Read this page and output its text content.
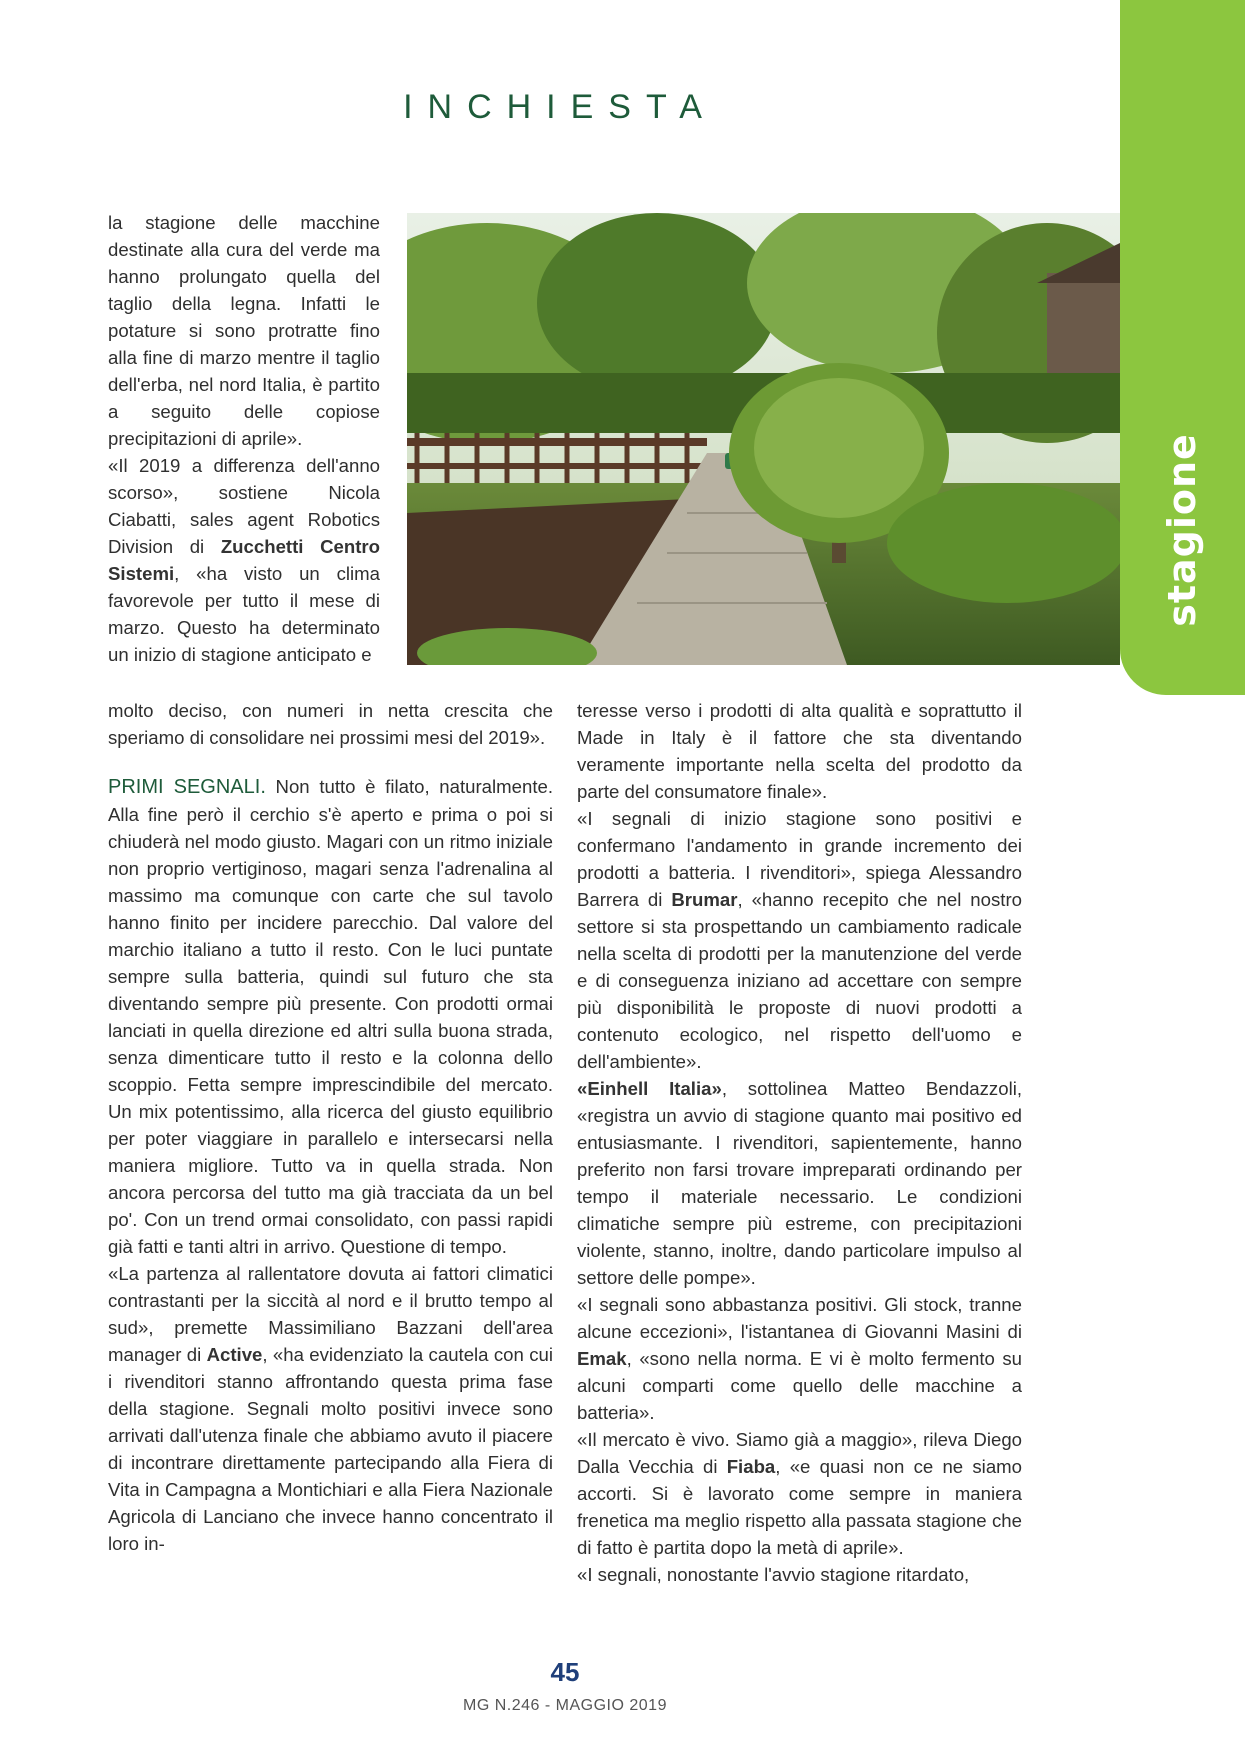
INCHIESTA
stagione

la stagione delle macchine destinate alla cura del verde ma hanno prolungato quella del taglio della legna. Infatti le potature si sono protratte fino alla fine di marzo mentre il taglio dell'erba, nel nord Italia, è partito a seguito delle copiose precipitazioni di aprile».

«Il 2019 a differenza dell'anno scorso», sostiene Nicola Ciabatti, sales agent Robotics Division di Zucchetti Centro Sistemi, «ha visto un clima favorevole per tutto il mese di marzo. Questo ha determinato un inizio di stagione anticipato e

molto deciso, con numeri in netta crescita che speriamo di consolidare nei prossimi mesi del 2019».

PRIMI SEGNALI. Non tutto è filato, naturalmente. Alla fine però il cerchio s'è aperto e prima o poi si chiuderà nel modo giusto. Magari con un ritmo iniziale non proprio vertiginoso, magari senza l'adrenalina al massimo ma comunque con carte che sul tavolo hanno finito per incidere parecchio. Dal valore del marchio italiano a tutto il resto. Con le luci puntate sempre sulla batteria, quindi sul futuro che sta diventando sempre più presente. Con prodotti ormai lanciati in quella direzione ed altri sulla buona strada, senza dimenticare tutto il resto e la colonna dello scoppio. Fetta sempre imprescindibile del mercato. Un mix potentissimo, alla ricerca del giusto equilibrio per poter viaggiare in parallelo e intersecarsi nella maniera migliore. Tutto va in quella strada. Non ancora percorsa del tutto ma già tracciata da un bel po'. Con un trend ormai consolidato, con passi rapidi già fatti e tanti altri in arrivo. Questione di tempo.

«La partenza al rallentatore dovuta ai fattori climatici contrastanti per la siccità al nord e il brutto tempo al sud», premette Massimiliano Bazzani dell'area manager di Active, «ha evidenziato la cautela con cui i rivenditori stanno affrontando questa prima fase della stagione. Segnali molto positivi invece sono arrivati dall'utenza finale che abbiamo avuto il piacere di incontrare direttamente partecipando alla Fiera di Vita in Campagna a Montichiari e alla Fiera Nazionale Agricola di Lanciano che invece hanno concentrato il loro in-

teresse verso i prodotti di alta qualità e soprattutto il Made in Italy è il fattore che sta diventando veramente importante nella scelta del prodotto da parte del consumatore finale».

«I segnali di inizio stagione sono positivi e confermano l'andamento in grande incremento dei prodotti a batteria. I rivenditori», spiega Alessandro Barrera di Brumar, «hanno recepito che nel nostro settore si sta prospettando un cambiamento radicale nella scelta di prodotti per la manutenzione del verde e di conseguenza iniziano ad accettare con sempre più disponibilità le proposte di nuovi prodotti a contenuto ecologico, nel rispetto dell'uomo e dell'ambiente».

«Einhell Italia», sottolinea Matteo Bendazzoli, «registra un avvio di stagione quanto mai positivo ed entusiasmante. I rivenditori, sapientemente, hanno preferito non farsi trovare impreparati ordinando per tempo il materiale necessario. Le condizioni climatiche sempre più estreme, con precipitazioni violente, stanno, inoltre, dando particolare impulso al settore delle pompe».

«I segnali sono abbastanza positivi. Gli stock, tranne alcune eccezioni», l'istantanea di Giovanni Masini di Emak, «sono nella norma. E vi è molto fermento su alcuni comparti come quello delle macchine a batteria».

«Il mercato è vivo. Siamo già a maggio», rileva Diego Dalla Vecchia di Fiaba, «e quasi non ce ne siamo accorti. Si è lavorato come sempre in maniera frenetica ma meglio rispetto alla passata stagione che di fatto è partita dopo la metà di aprile».

«I segnali, nonostante l'avvio stagione ritardato,

45
MG N.246 - MAGGIO 2019
